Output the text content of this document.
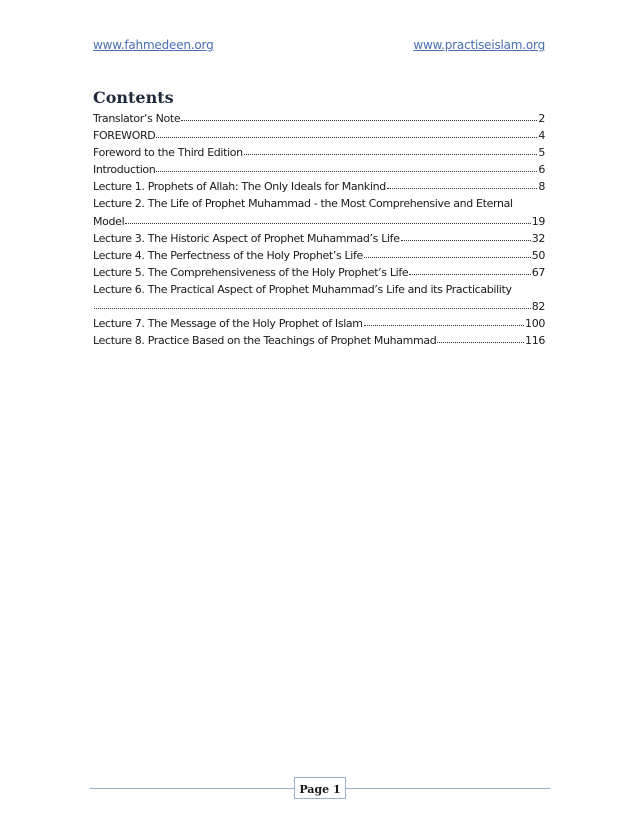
www.fahmedeen.org	www.practiseislam.org
Contents
Translator’s Note	2
FOREWORD	4
Foreword to the Third Edition	5
Introduction	6
Lecture 1. Prophets of Allah: The Only Ideals for Mankind	8
Lecture 2. The Life of Prophet Muhammad - the Most Comprehensive and Eternal
Model	19
Lecture 3. The Historic Aspect of Prophet Muhammad’s Life	32
Lecture 4. The Perfectness of the Holy Prophet’s Life	50
Lecture 5. The Comprehensiveness of the Holy Prophet’s Life	67
Lecture 6. The Practical Aspect of Prophet Muhammad’s Life and its Practicability
82
Lecture 7. The Message of the Holy Prophet of Islam	100
Lecture 8. Practice Based on the Teachings of Prophet Muhammad	116
Page 1
